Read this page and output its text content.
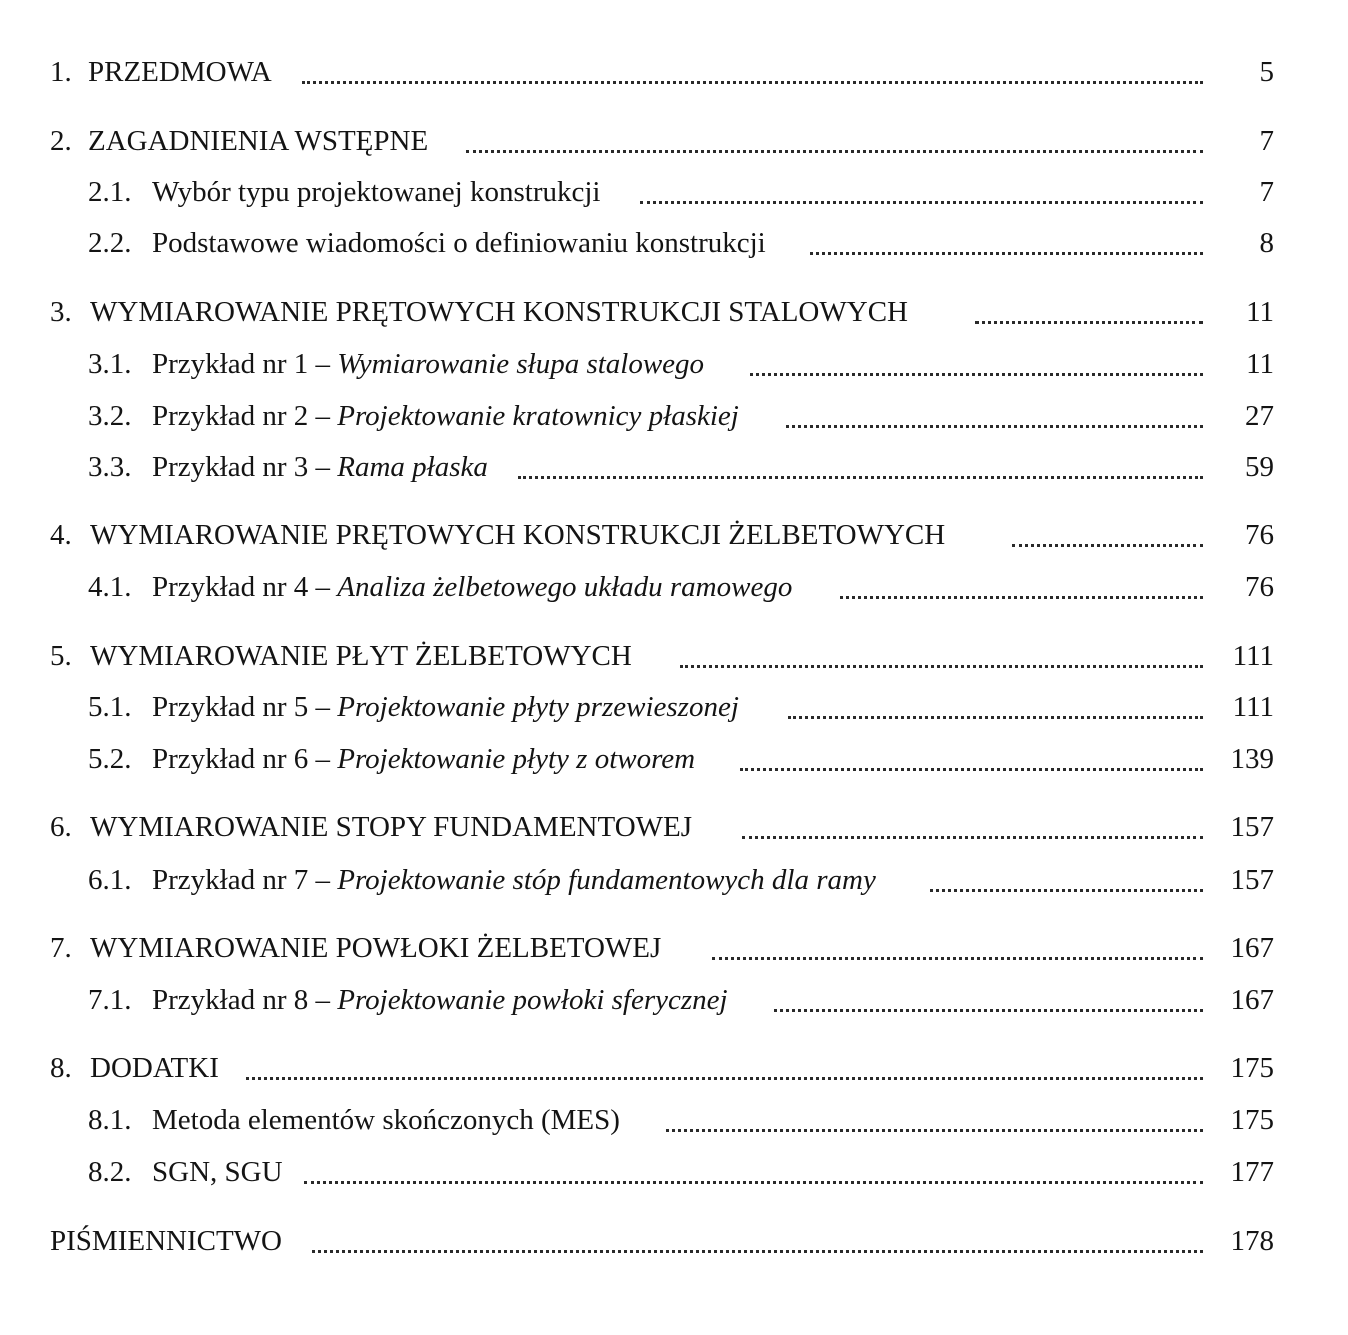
1. PRZEDMOWA	5
2. ZAGADNIENIA WSTĘPNE	7
2.1. Wybór typu projektowanej konstrukcji	7
2.2. Podstawowe wiadomości o definiowaniu konstrukcji	8
3. WYMIAROWANIE PRĘTOWYCH KONSTRUKCJI STALOWYCH	11
3.1. Przykład nr 1 – Wymiarowanie słupa stalowego	11
3.2. Przykład nr 2 – Projektowanie kratownicy płaskiej	27
3.3. Przykład nr 3 – Rama płaska	59
4. WYMIAROWANIE PRĘTOWYCH KONSTRUKCJI ŻELBETOWYCH	76
4.1. Przykład nr 4 – Analiza żelbetowego układu ramowego	76
5. WYMIAROWANIE PŁYT ŻELBETOWYCH	111
5.1. Przykład nr 5 – Projektowanie płyty przewieszonej	111
5.2. Przykład nr 6 – Projektowanie płyty z otworem	139
6. WYMIAROWANIE STOPY FUNDAMENTOWEJ	157
6.1. Przykład nr 7 – Projektowanie stóp fundamentowych dla ramy	157
7. WYMIAROWANIE POWŁOKI ŻELBETOWEJ	167
7.1. Przykład nr 8 – Projektowanie powłoki sferycznej	167
8. DODATKI	175
8.1. Metoda elementów skończonych (MES)	175
8.2. SGN, SGU	177
PIŚMIENNICTWO	178
